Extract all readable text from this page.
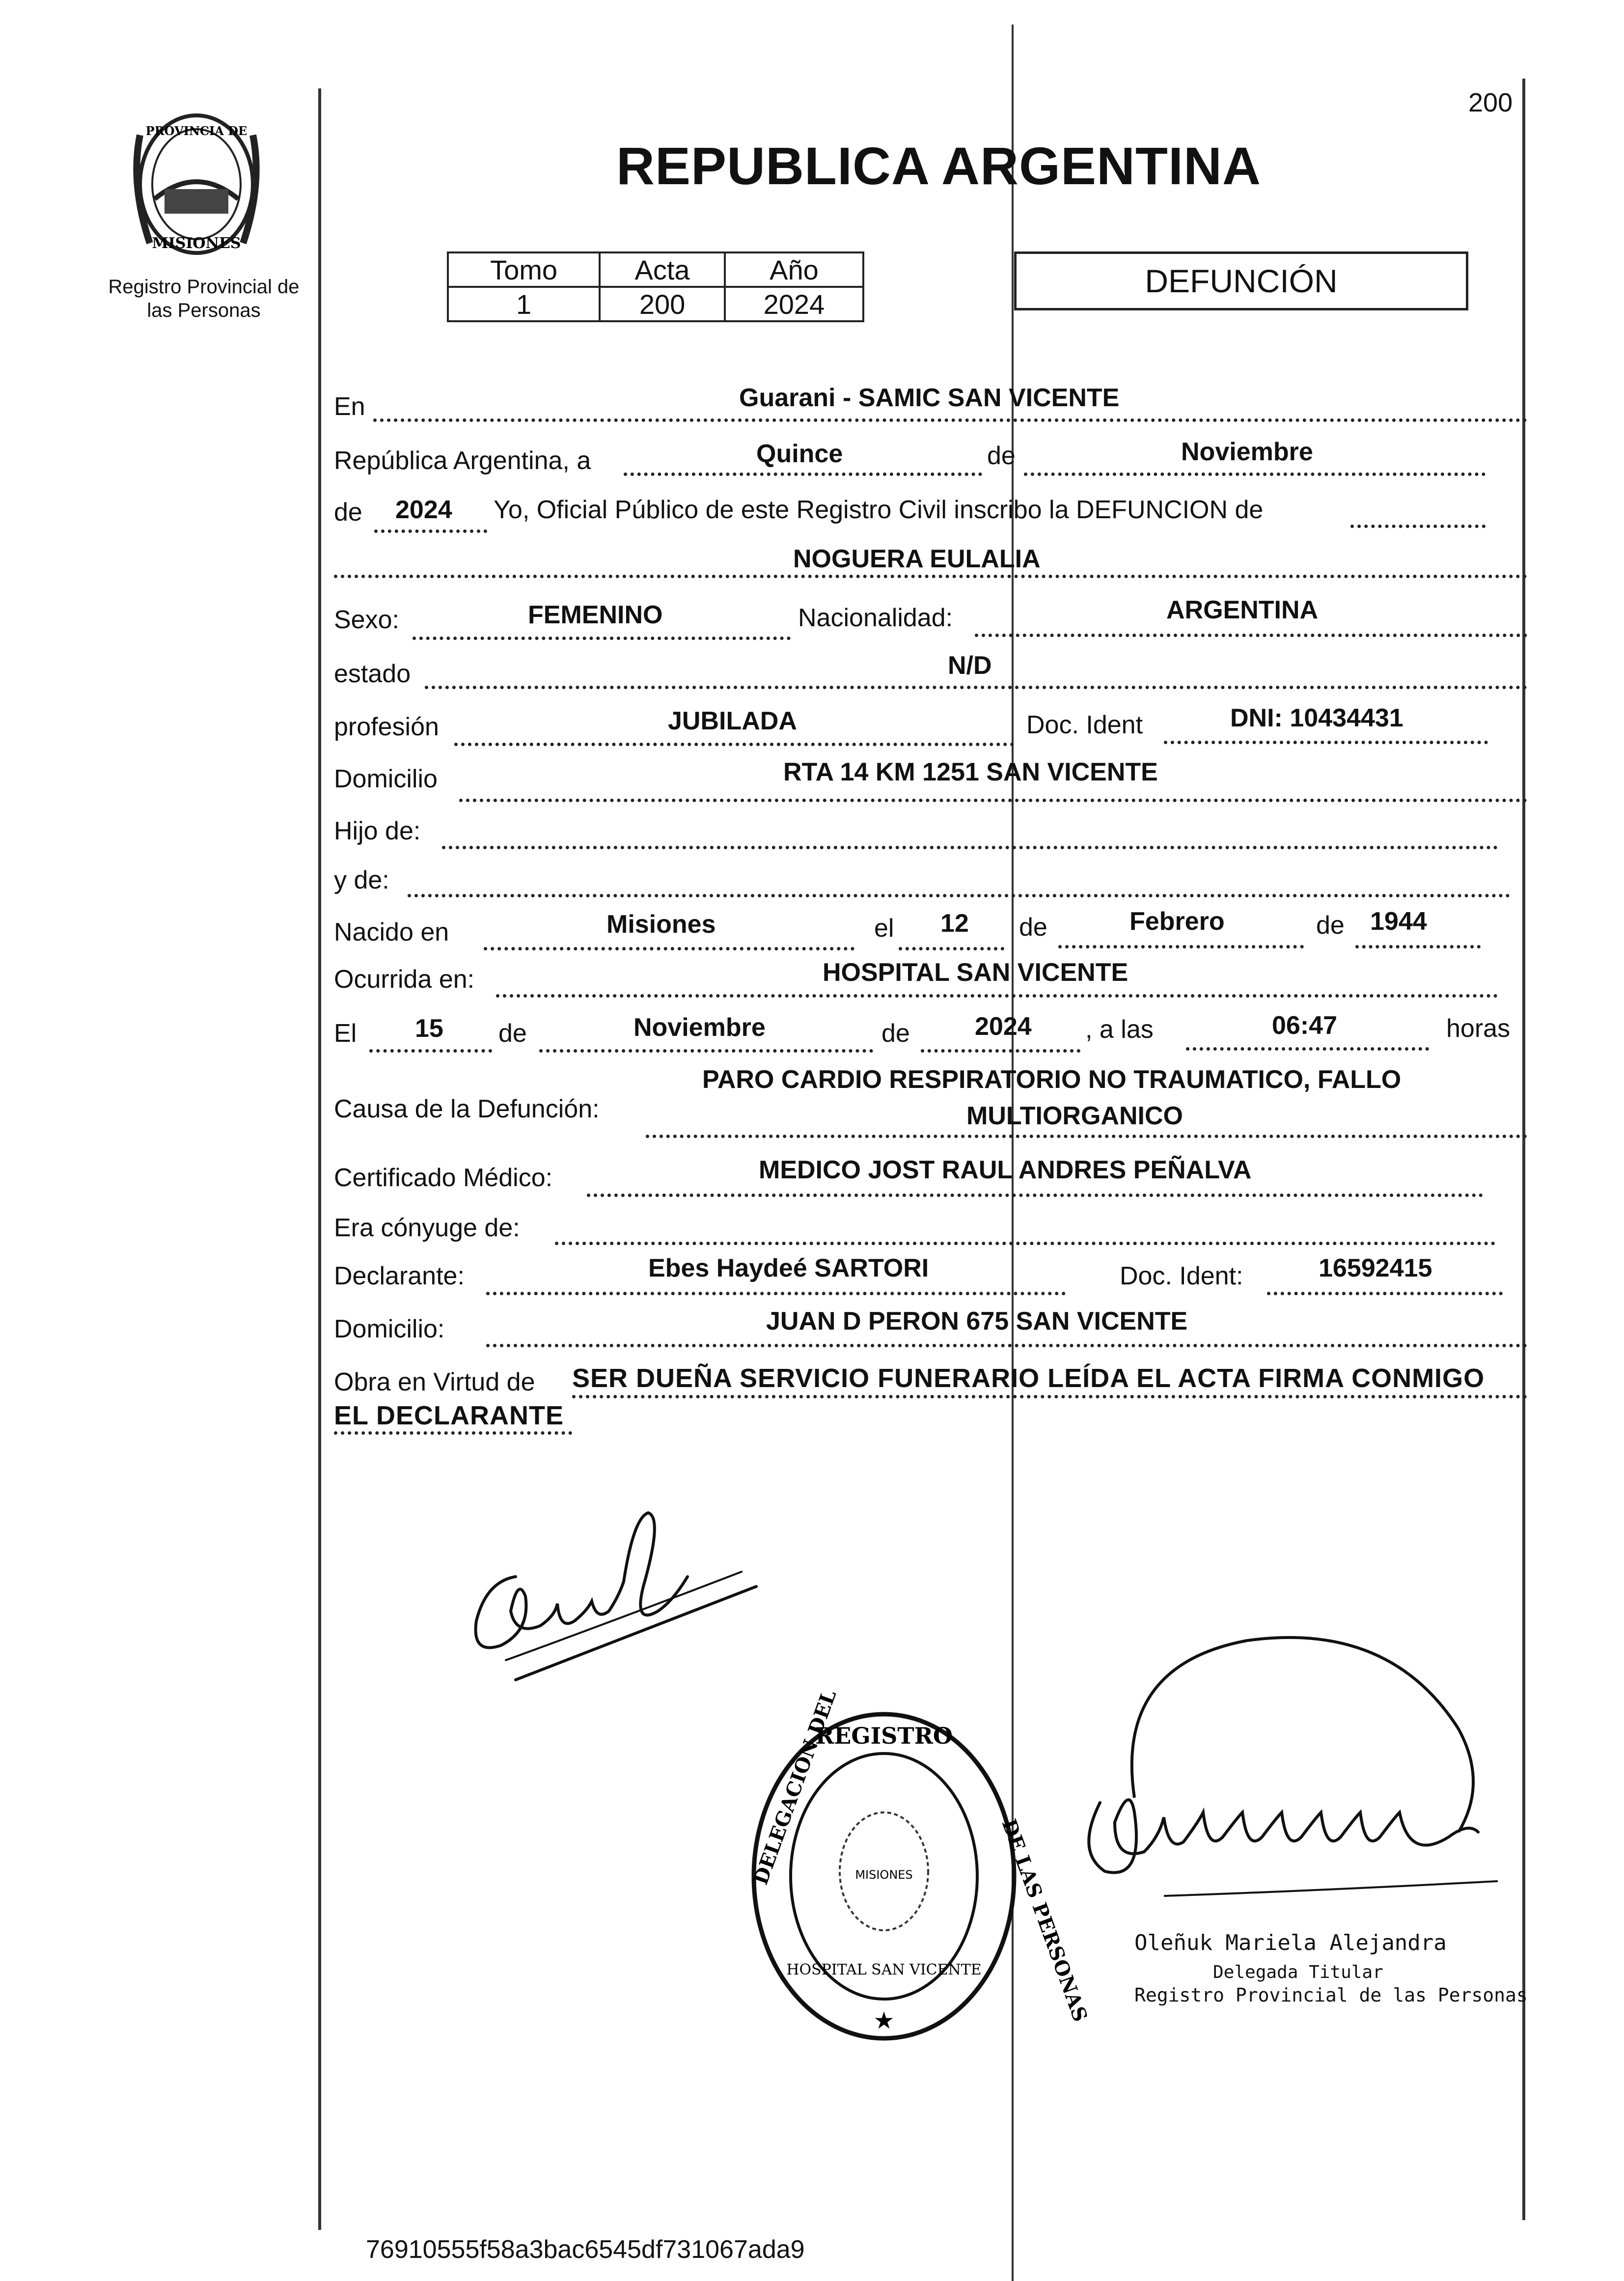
200
PROVINCIA DE
MISIONES
Registro Provincial de las Personas
REPUBLICA ARGENTINA
Tomo	Acta	Año
1	200	2024
DEFUNCIÓN
En	Guarani - SAMIC SAN VICENTE
República Argentina, a	Quince	de	Noviembre
de 2024 Yo, Oficial Público de este Registro Civil inscribo la DEFUNCION de
NOGUERA EULALIA
Sexo:	FEMENINO	Nacionalidad:	ARGENTINA
estado	N/D
profesión	JUBILADA	Doc. Ident	DNI: 10434431
Domicilio	RTA 14 KM 1251 SAN VICENTE
Hijo de:
y de:
Nacido en	Misiones	el 12 de	Febrero	de 1944
Ocurrida en:	HOSPITAL SAN VICENTE
El 15 de	Noviembre	de	2024 , a las	06:47	horas
Causa de la Defunción:
PARO CARDIO RESPIRATORIO NO TRAUMATICO, FALLO
MULTIORGANICO
Certificado Médico:	MEDICO JOST RAUL ANDRES PEÑALVA
Era cónyuge de:
Declarante:	Ebes Haydeé SARTORI	Doc. Ident:	16592415
Domicilio:	JUAN D PERON 675 SAN VICENTE
Obra en Virtud de SER DUEÑA SERVICIO FUNERARIO LEÍDA EL ACTA FIRMA CONMIGO
EL DECLARANTE
REGISTRO
DELEGACIÓN DEL
DE LAS PERSONAS
HOSPITAL SAN VICENTE
MISIONES
★
Oleñuk Mariela Alejandra
Delegada Titular
Registro Provincial de las Personas
76910555f58a3bac6545df731067ada9
